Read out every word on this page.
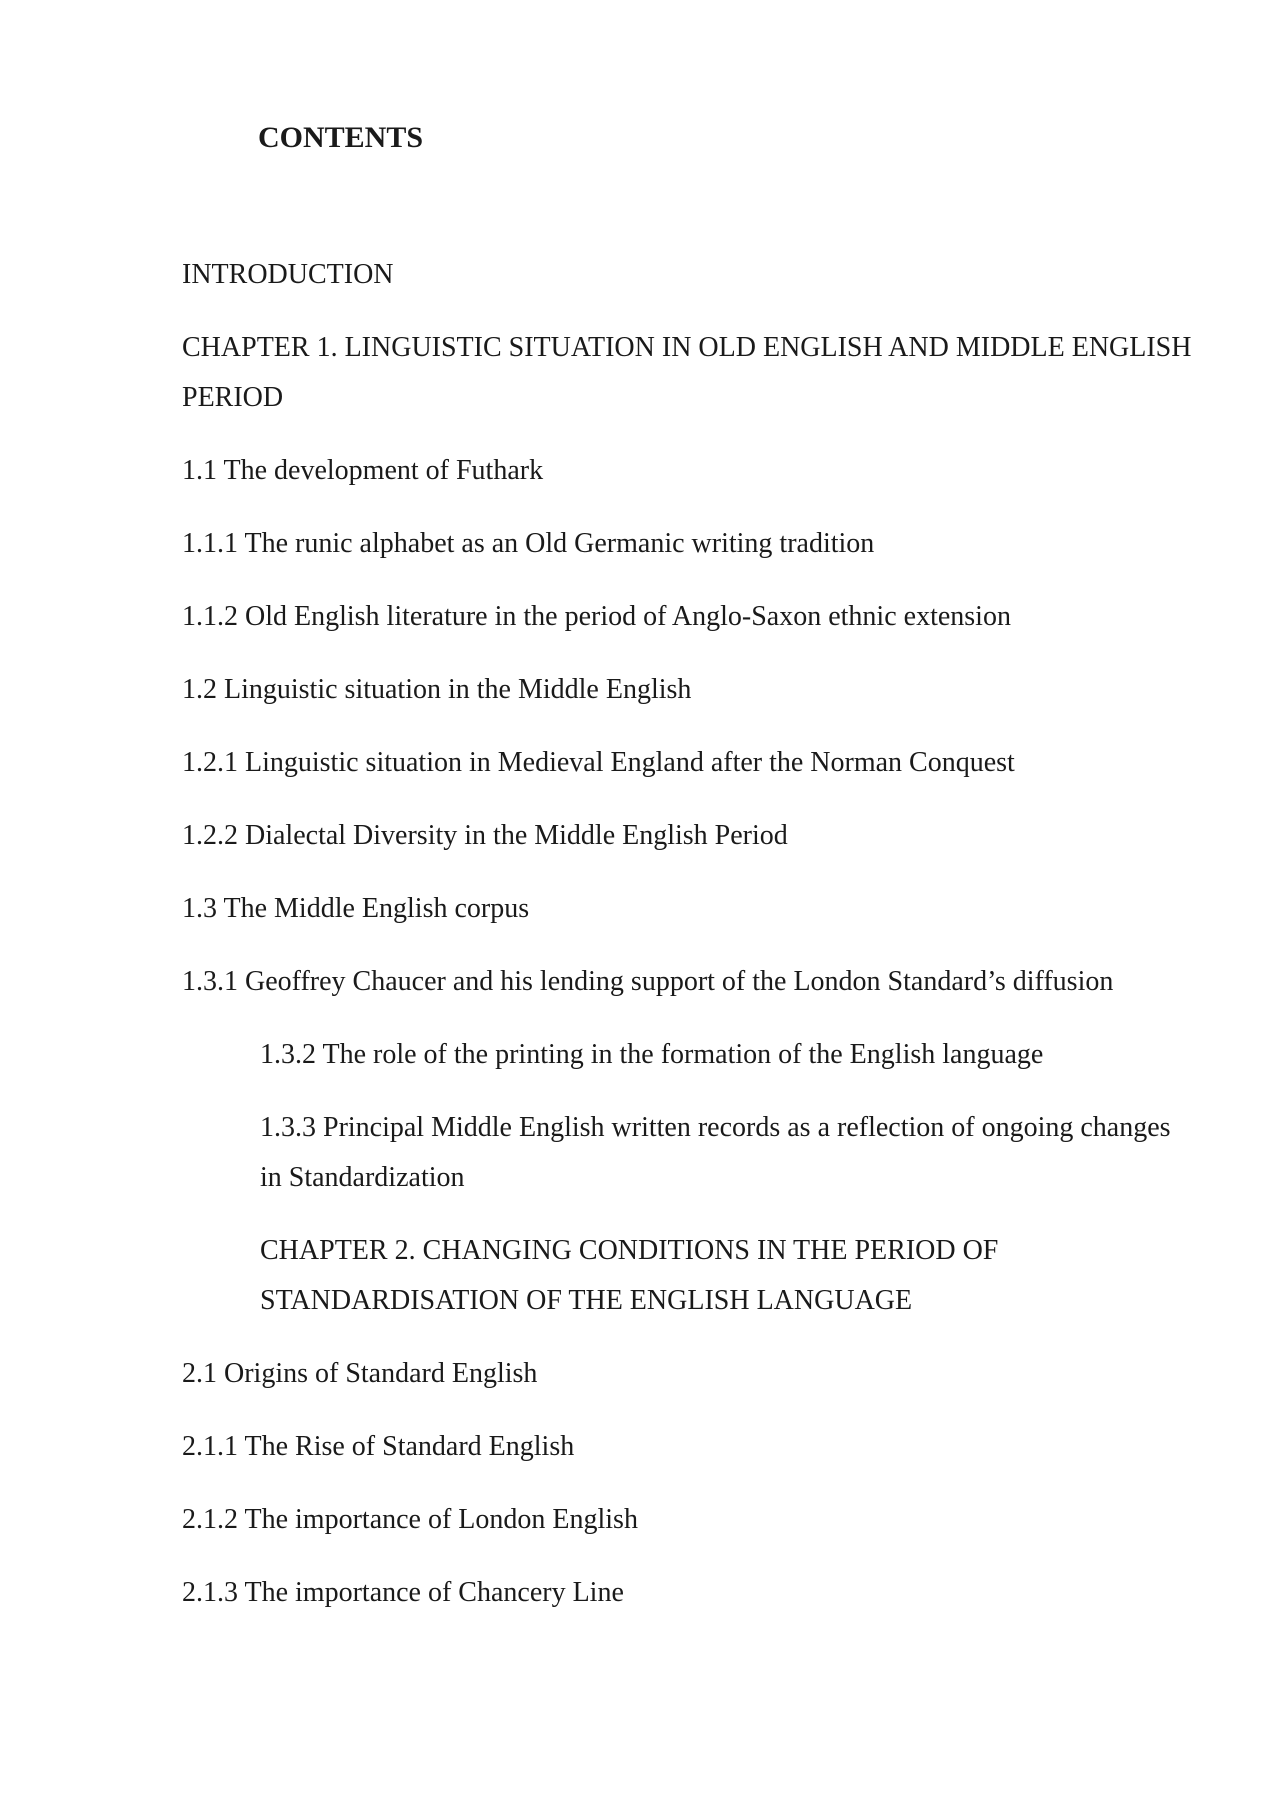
CONTENTS
INTRODUCTION
CHAPTER 1. LINGUISTIC SITUATION IN OLD ENGLISH AND MIDDLE ENGLISH PERIOD
1.1 The development of Futhark
1.1.1 The runic alphabet as an Old Germanic writing tradition
1.1.2 Old English literature in the period of Anglo-Saxon ethnic extension
1.2 Linguistic situation in the Middle English
1.2.1 Linguistic situation in Medieval England after the Norman Conquest
1.2.2 Dialectal Diversity in the Middle English Period
1.3 The Middle English corpus
1.3.1 Geoffrey Chaucer and his lending support of the London Standard’s diffusion
1.3.2 The role of the printing in the formation of the English language
1.3.3 Principal Middle English written records as a reflection of ongoing changes in Standardization
CHAPTER 2. CHANGING CONDITIONS IN THE PERIOD OF STANDARDISATION OF THE ENGLISH LANGUAGE
2.1 Origins of Standard English
2.1.1 The Rise of Standard English
2.1.2 The importance of London English
2.1.3 The importance of Chancery Line
